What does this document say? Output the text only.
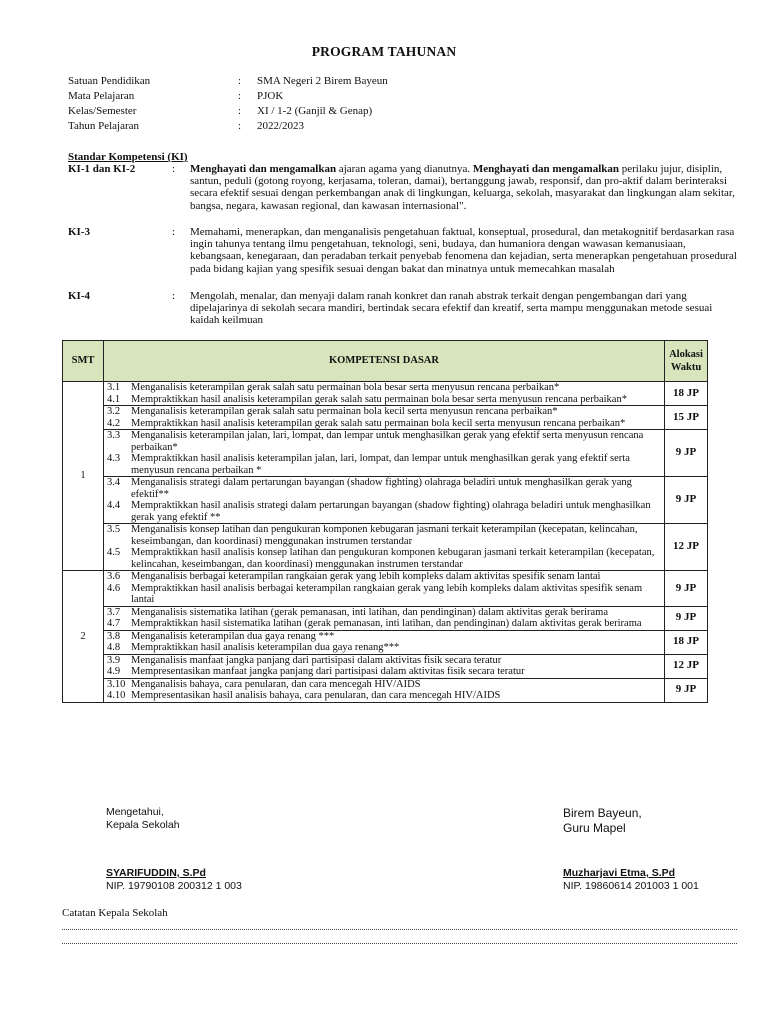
PROGRAM TAHUNAN
Satuan Pendidikan	: SMA Negeri 2 Birem Bayeun
Mata Pelajaran	: PJOK
Kelas/Semester	: XI / 1-2 (Ganjil & Genap)
Tahun Pelajaran	: 2022/2023
Standar Kompetensi (KI)
KI-1 dan KI-2	: Menghayati dan mengamalkan ajaran agama yang dianutnya. Menghayati dan mengamalkan perilaku jujur, disiplin, santun, peduli (gotong royong, kerjasama, toleran, damai), bertanggung jawab, responsif, dan pro-aktif dalam berinteraksi secara efektif sesuai dengan perkembangan anak di lingkungan, keluarga, sekolah, masyarakat dan lingkungan alam sekitar, bangsa, negara, kawasan regional, dan kawasan internasional".
KI-3	: Memahami, menerapkan, dan menganalisis pengetahuan faktual, konseptual, prosedural, dan metakognitif berdasarkan rasa ingin tahunya tentang ilmu pengetahuan, teknologi, seni, budaya, dan humaniora dengan wawasan kemanusiaan, kebangsaan, kenegaraan, dan peradaban terkait penyebab fenomena dan kejadian, serta menerapkan pengetahuan prosedural pada bidang kajian yang spesifik sesuai dengan bakat dan minatnya untuk memecahkan masalah
KI-4	: Mengolah, menalar, dan menyaji dalam ranah konkret dan ranah abstrak terkait dengan pengembangan dari yang dipelajarinya di sekolah secara mandiri, bertindak secara efektif dan kreatif, serta mampu menggunakan metode sesuai kaidah keilmuan
SMT	KOMPETENSI DASAR	Alokasi
Waktu
1	3.1 Menganalisis keterampilan gerak salah satu permainan bola besar serta menyusun rencana perbaikan*
4.1 Mempraktikkan hasil analisis keterampilan gerak salah satu permainan bola besar serta menyusun rencana perbaikan*	18 JP

	3.2 Menganalisis keterampilan gerak salah satu permainan bola kecil serta menyusun rencana perbaikan*
4.2 Mempraktikkan hasil analisis keterampilan gerak salah satu permainan bola kecil serta menyusun rencana perbaikan*	15 JP

	3.3 Menganalisis keterampilan jalan, lari, lompat, dan lempar untuk menghasilkan gerak yang efektif serta menyusun rencana perbaikan*
4.3 Mempraktikkan hasil analisis keterampilan jalan, lari, lompat, dan lempar untuk menghasilkan gerak yang efektif serta menyusun rencana perbaikan *	9 JP

	3.4 Menganalisis strategi dalam pertarungan bayangan (shadow fighting) olahraga beladiri untuk menghasilkan gerak yang efektif**
4.4 Mempraktikkan hasil analisis strategi dalam pertarungan bayangan (shadow fighting) olahraga beladiri untuk menghasilkan gerak yang efektif **	9 JP

	3.5 Menganalisis konsep latihan dan pengukuran komponen kebugaran jasmani terkait keterampilan (kecepatan, kelincahan, keseimbangan, dan koordinasi) menggunakan instrumen terstandar
4.5 Mempraktikkan hasil analisis konsep latihan dan pengukuran komponen kebugaran jasmani terkait keterampilan (kecepatan, kelincahan, keseimbangan, dan koordinasi) menggunakan instrumen terstandar	12 JP
2	3.6 Menganalisis berbagai keterampilan rangkaian gerak yang lebih kompleks dalam aktivitas spesifik senam lantai
4.6 Mempraktikkan hasil analisis berbagai keterampilan rangkaian gerak yang lebih kompleks dalam aktivitas spesifik senam lantai	9 JP

	3.7 Menganalisis sistematika latihan (gerak pemanasan, inti latihan, dan pendinginan) dalam aktivitas gerak berirama
4.7 Mempraktikkan hasil sistematika latihan (gerak pemanasan, inti latihan, dan pendinginan) dalam aktivitas gerak berirama	9 JP

	3.8 Menganalisis keterampilan dua gaya renang ***
4.8 Mempraktikkan hasil analisis keterampilan dua gaya renang***	18 JP

	3.9 Menganalisis manfaat jangka panjang dari partisipasi dalam aktivitas fisik secara teratur
4.9 Mempresentasikan manfaat jangka panjang dari partisipasi dalam aktivitas fisik secara teratur	12 JP

	3.10 Menganalisis bahaya, cara penularan, dan cara mencegah HIV/AIDS
4.10 Mempresentasikan hasil analisis bahaya, cara penularan, dan cara mencegah HIV/AIDS	9 JP
Mengetahui,
Kepala Sekolah
SYARIFUDDIN, S.Pd
NIP. 19790108 200312 1 003
Birem Bayeun,
Guru Mapel
Muzharjavi Etma, S.Pd
NIP. 19860614 201003 1 001
Catatan Kepala Sekolah
